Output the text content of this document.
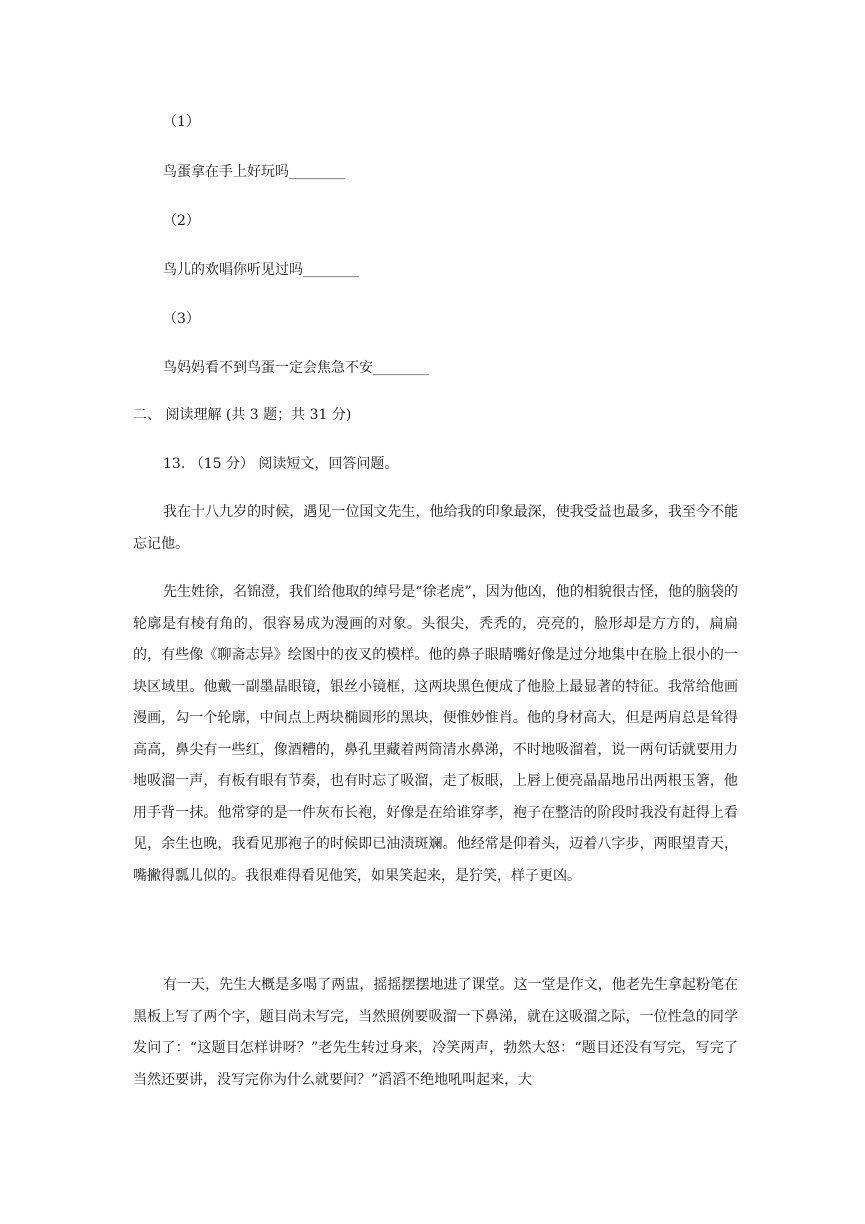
（1）
鸟蛋拿在手上好玩吗________
（2）
鸟儿的欢唱你听见过吗________
（3）
鸟妈妈看不到鸟蛋一定会焦急不安________
二、 阅读理解 (共 3 题；共 31 分)
13. （15 分） 阅读短文，回答问题。
我在十八九岁的时候，遇见一位国文先生，他给我的印象最深，使我受益也最多，我至今不能忘记他。
先生姓徐，名锦澄，我们给他取的绰号是“徐老虎”，因为他凶，他的相貌很古怪，他的脑袋的轮廓是有棱有角的，很容易成为漫画的对象。头很尖，秃秃的，亮亮的，脸形却是方方的，扁扁的，有些像《聊斋志异》绘图中的夜叉的模样。他的鼻子眼睛嘴好像是过分地集中在脸上很小的一块区域里。他戴一副墨晶眼镜，银丝小镜框，这两块黑色便成了他脸上最显著的特征。我常给他画漫画，勾一个轮廓，中间点上两块椭圆形的黑块，便惟妙惟肖。他的身材高大，但是两肩总是耸得高高，鼻尖有一些红，像酒糟的，鼻孔里藏着两筒清水鼻涕，不时地吸溜着，说一两句话就要用力地吸溜一声，有板有眼有节奏，也有时忘了吸溜，走了板眼，上唇上便亮晶晶地吊出两根玉箸，他用手背一抹。他常穿的是一件灰布长袍，好像是在给谁穿孝，袍子在整洁的阶段时我没有赶得上看见，余生也晚，我看见那袍子的时候即已油渍斑斓。他经常是仰着头，迈着八字步，两眼望青天，嘴撇得瓢儿似的。我很难得看见他笑，如果笑起来，是狞笑，样子更凶。
有一天，先生大概是多喝了两盅，摇摇摆摆地进了课堂。这一堂是作文，他老先生拿起粉笔在黑板上写了两个字，题目尚未写完，当然照例要吸溜一下鼻涕，就在这吸溜之际，一位性急的同学发问了：“这题目怎样讲呀？”老先生转过身来，冷笑两声，勃然大怒：“题目还没有写完，写完了当然还要讲，没写完你为什么就要问？”滔滔不绝地吼叫起来，大
